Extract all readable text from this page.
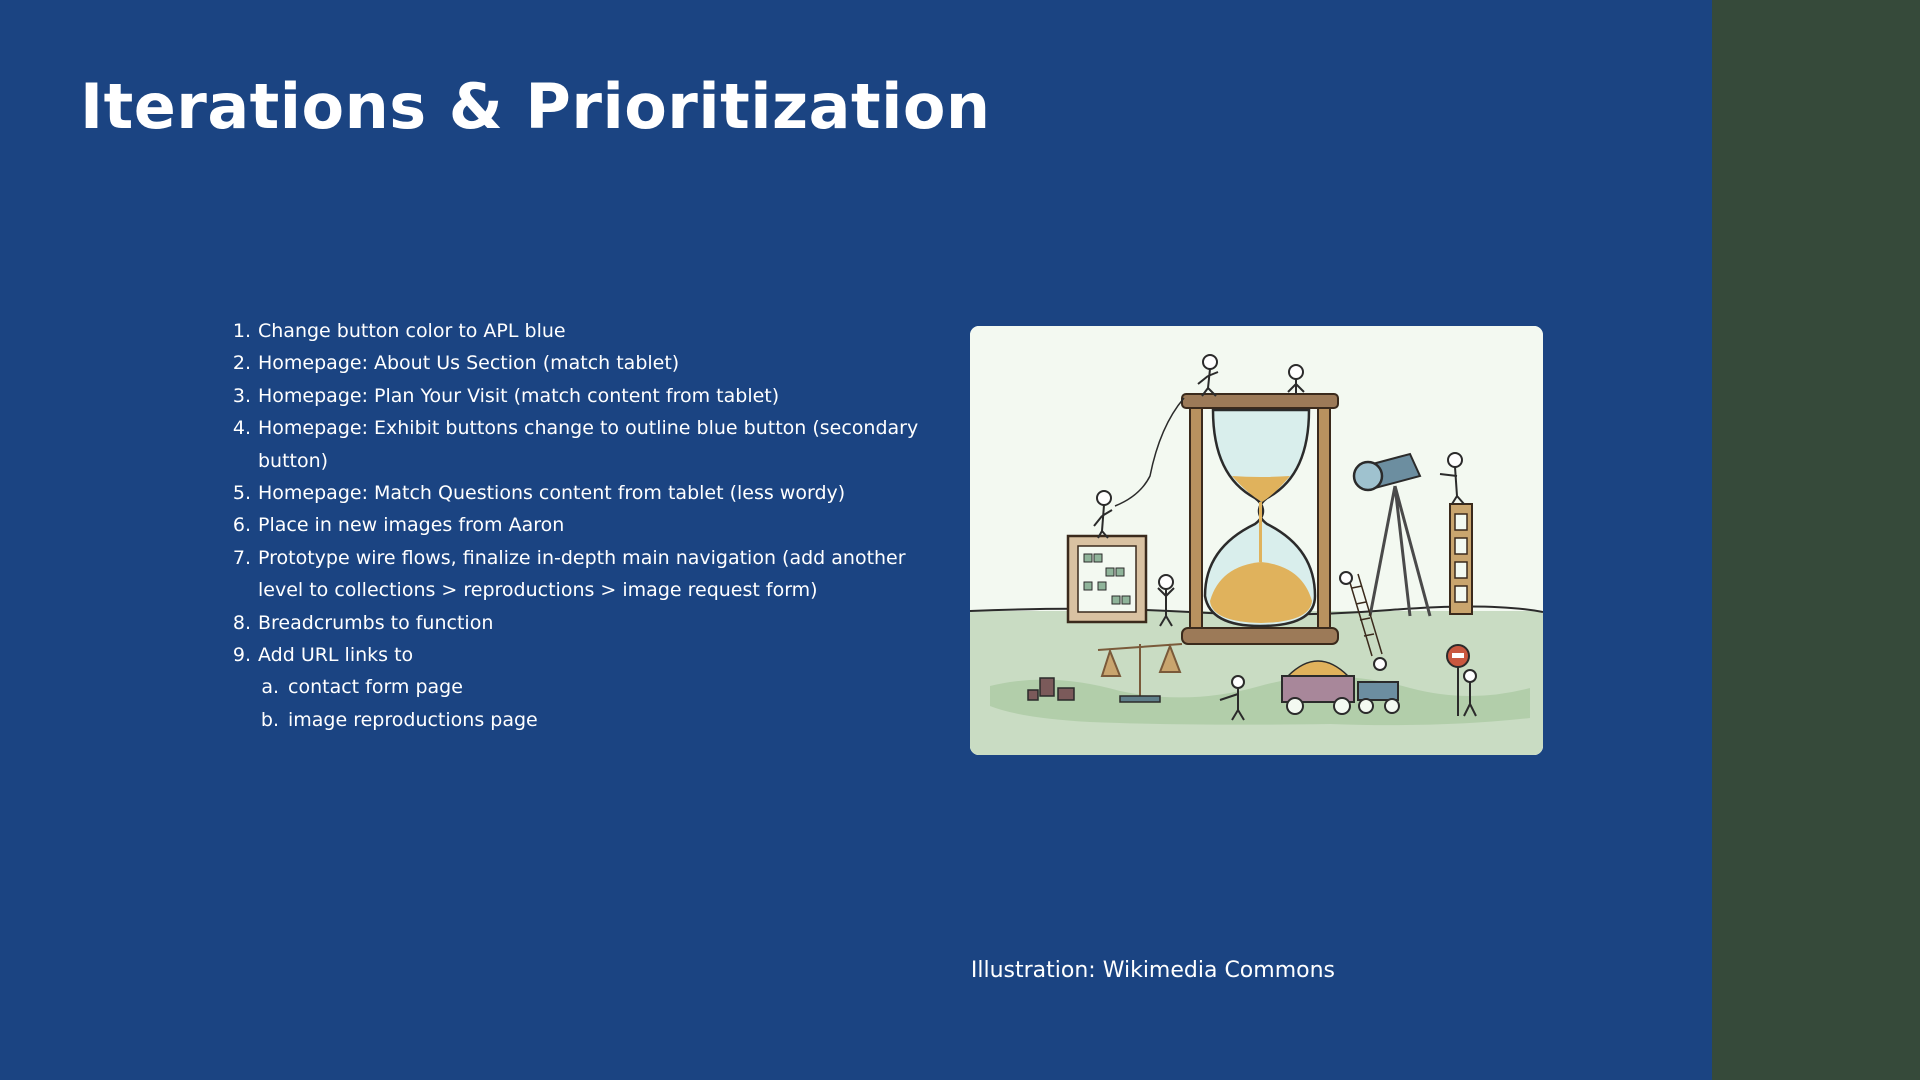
Iterations & Prioritization
1. Change button color to APL blue
2. Homepage: About Us Section (match tablet)
3. Homepage: Plan Your Visit (match content from tablet)
4. Homepage: Exhibit buttons change to outline blue button (secondary button)
5. Homepage: Match Questions content from tablet (less wordy)
6. Place in new images from Aaron
7. Prototype wire flows, finalize in-depth main navigation (add another level to collections > reproductions > image request form)
8. Breadcrumbs to function
9. Add URL links to
a. contact form page
b. image reproductions page
Illustration: Wikimedia Commons
